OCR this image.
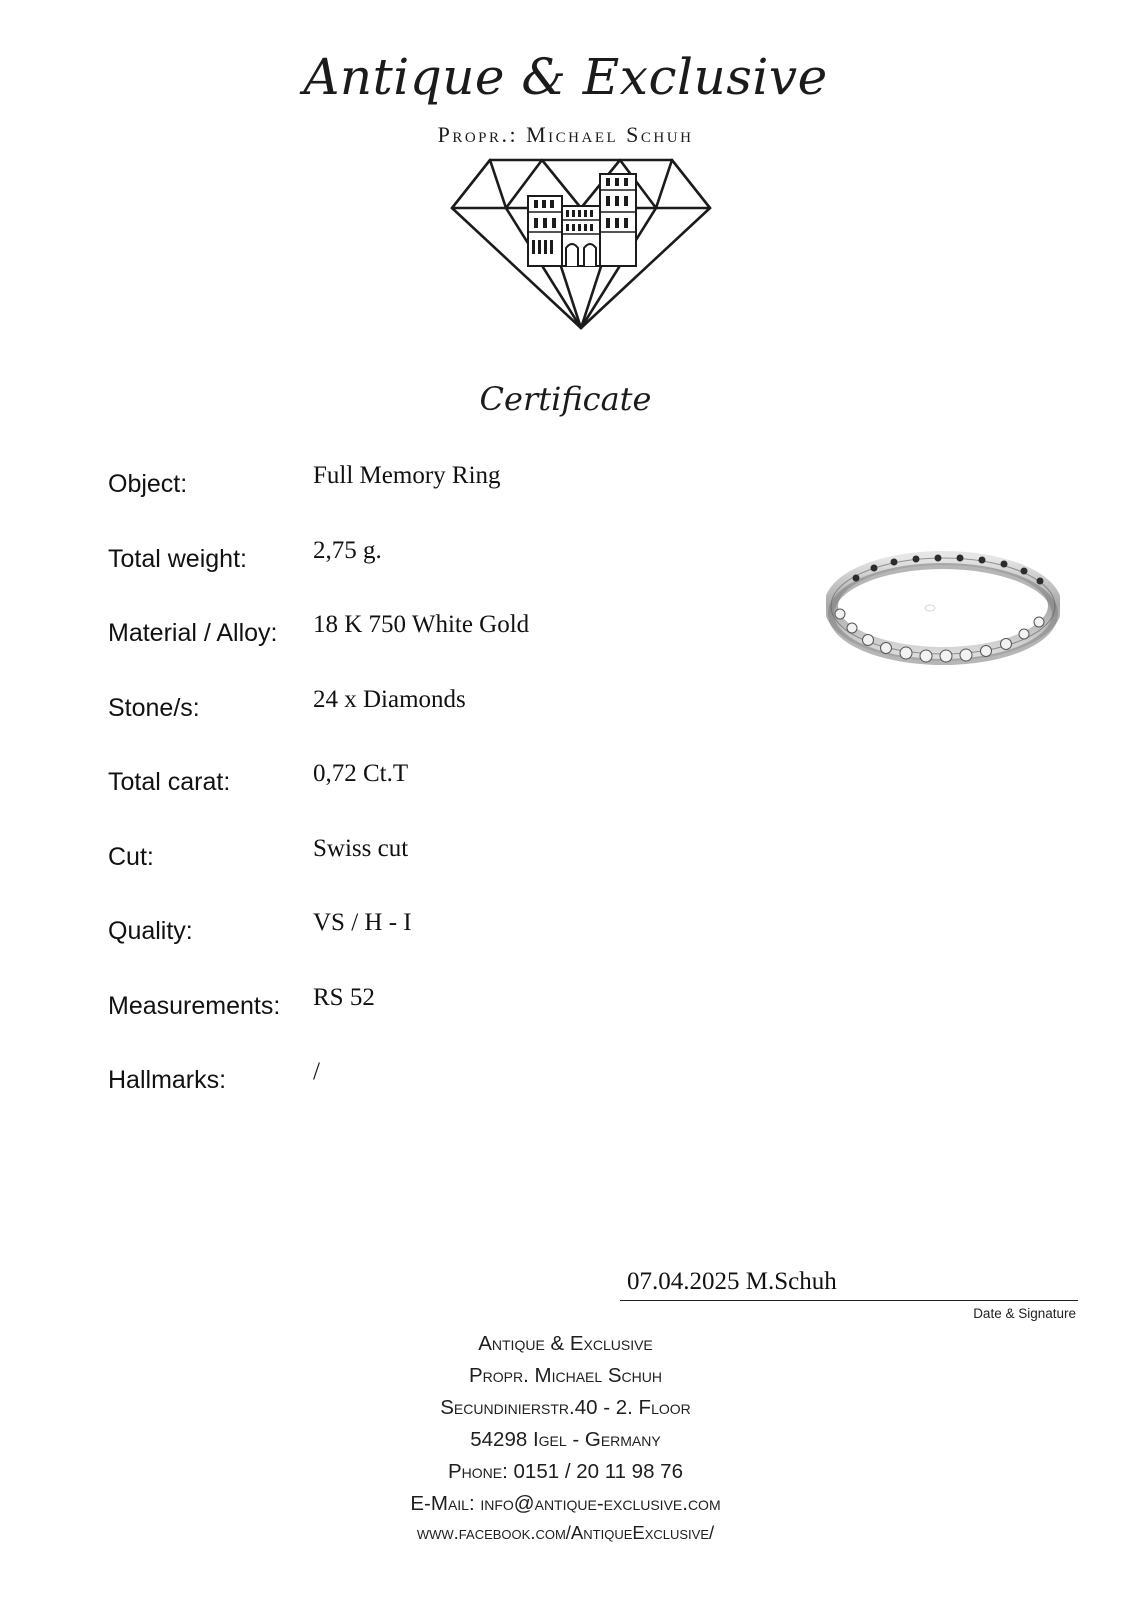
Antique & Exclusive
Propr.: Michael Schuh
Certificate
Object:	Full Memory Ring
Total weight:	2,75 g.
Material / Alloy: 18 K 750 White Gold
Stone/s:	24 x Diamonds
Total carat:	0,72 Ct.T
Cut:	Swiss cut
Quality:	VS / H - I
Measurements: RS 52
Hallmarks:	/
07.04.2025 M.Schuh
Date & Signature
Antique & Exclusive
Propr. Michael Schuh
Secundinierstr.40 - 2. Floor
54298 Igel - Germany
Phone: 0151 / 20 11 98 76
E-Mail: info@antique-exclusive.com
www.facebook.com/AntiqueExclusive/
